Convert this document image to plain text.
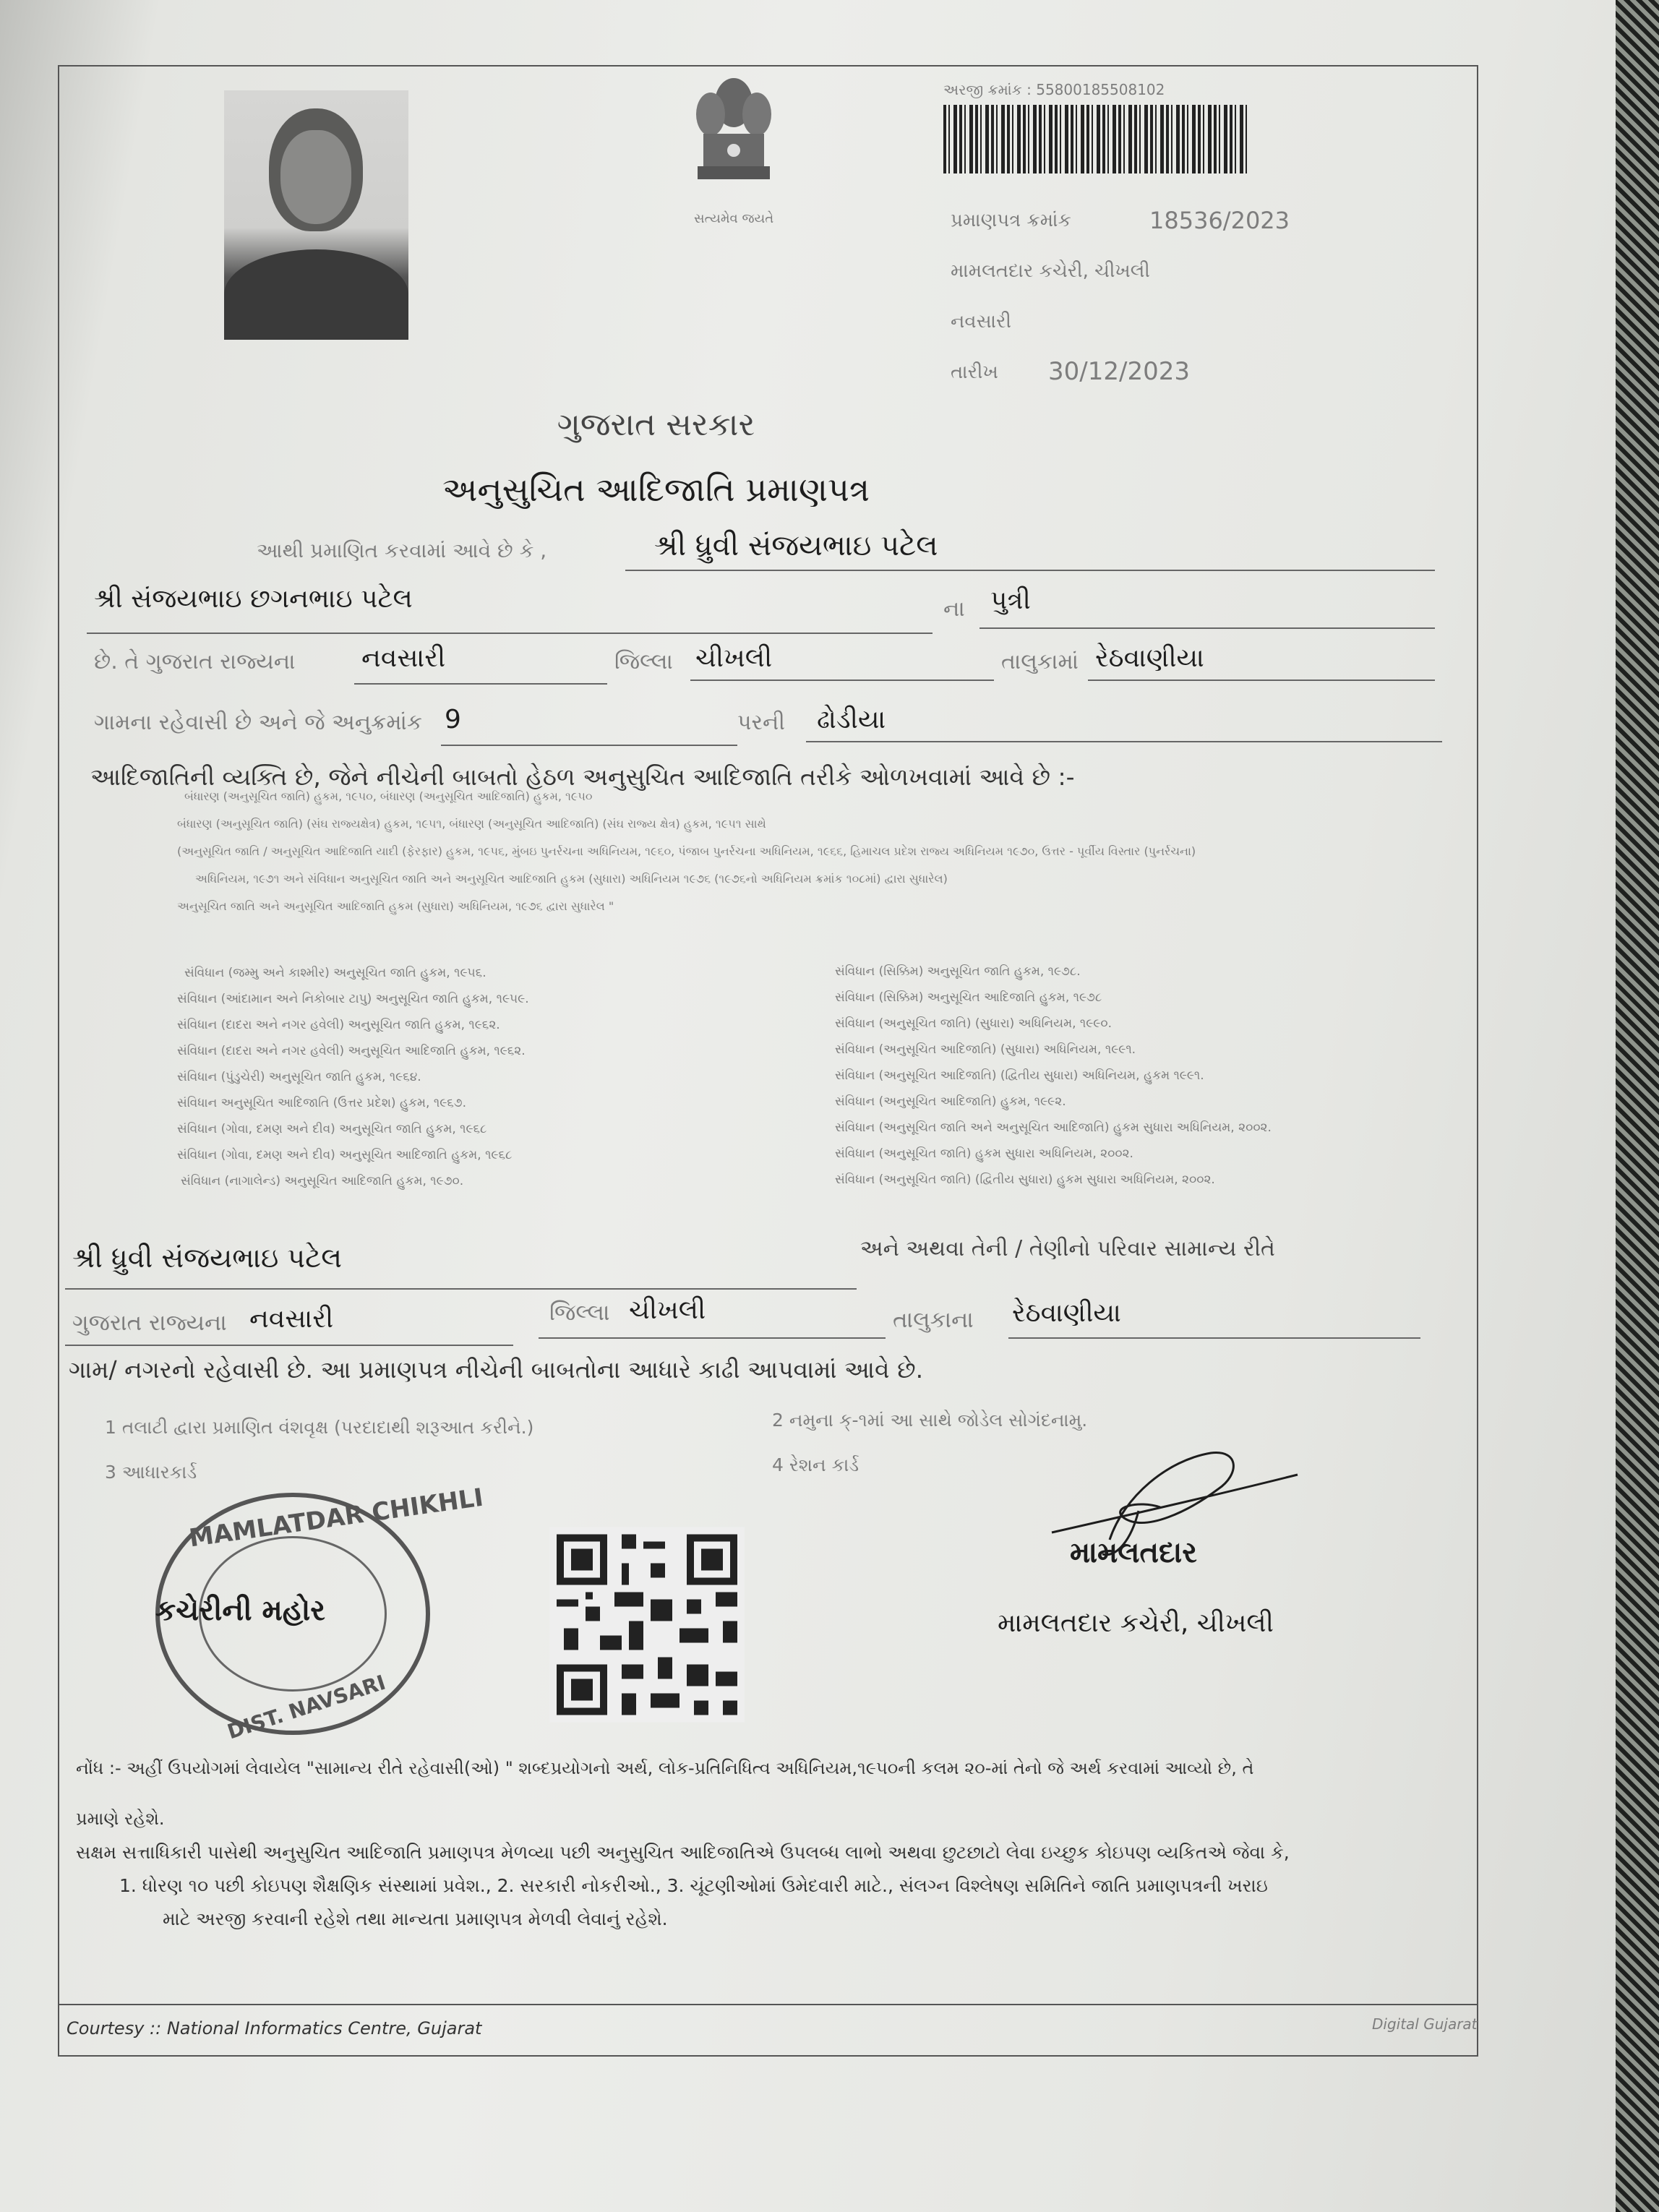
સત્યમેવ જયતે
અરજી ક્રમાંક : 55800185508102
પ્રમાણપત્ર ક્રમાંક	18536/2023
મામલતદાર કચેરી, ચીખલી
નવસારી
તારીખ 30/12/2023
ગુજરાત સરકાર
અનુસુચિત આદિજાતિ પ્રમાણપત્ર
આથી પ્રમાણિત કરવામાં આવે છે કે ,	શ્રી ધ્રુવી સંજયભાઇ પટેલ
શ્રી સંજયભાઇ છગનભાઇ પટેલ	ના પુત્રી
છે. તે ગુજરાત રાજ્યના	નવસારી	જિલ્લા ચીખલી	તાલુકામાં રેઠવાણીયા
ગામના રહેવાસી છે અને જે અનુક્રમાંક 9	પરની ઢોડીયા
આદિજાતિની વ્યક્તિ છે, જેને નીચેની બાબતો હેઠળ અનુસુચિત આદિજાતિ તરીકે ઓળખવામાં આવે છે :-
બંધારણ (અનુસૂચિત જાતિ) હુકમ, ૧૯૫૦, બંધારણ (અનુસૂચિત આદિજાતિ) હુકમ, ૧૯૫૦
બંધારણ (અનુસૂચિત જાતિ) (સંઘ રાજ્યક્ષેત્ર) હુકમ, ૧૯૫૧, બંધારણ (અનુસૂચિત આદિજાતિ) (સંઘ રાજ્ય ક્ષેત્ર) હુકમ, ૧૯૫૧ સાથે
(અનુસૂચિત જાતિ / અનુસૂચિત આદિજાતિ યાદી (ફેરફાર) હુકમ, ૧૯૫૬, મુંબઇ પુનર્રચના અધિનિયમ, ૧૯૬૦, પંજાબ પુનર્રચના અધિનિયમ, ૧૯૬૬, હિમાચલ પ્રદેશ રાજ્ય અધિનિયમ ૧૯૭૦, ઉત્તર - પૂર્વીય વિસ્તાર (પુનર્રચના)
અધિનિયમ, ૧૯૭૧ અને સંવિધાન અનુસૂચિત જાતિ અને અનુસૂચિત આદિજાતિ હુકમ (સુધારા) અધિનિયમ ૧૯૭૬ (૧૯૭૬નો અધિનિયમ ક્રમાંક ૧૦૮માં) દ્વારા સુધારેલ)
અનુસૂચિત જાતિ અને અનુસૂચિત આદિજાતિ હુકમ (સુધારા) અધિનિયમ, ૧૯૭૬ દ્વારા સુધારેલ "
સંવિધાન (જમ્મુ અને કાશ્મીર) અનુસૂચિત જાતિ હુકમ, ૧૯૫૬.
સંવિધાન (આંદામાન અને નિકોબાર ટાપુ) અનુસૂચિત જાતિ હુકમ, ૧૯૫૯.
સંવિધાન (દાદરા અને નગર હવેલી) અનુસૂચિત જાતિ હુકમ, ૧૯૬૨.
સંવિધાન (દાદરા અને નગર હવેલી) અનુસૂચિત આદિજાતિ હુકમ, ૧૯૬૨.
સંવિધાન (પુંડુચેરી) અનુસૂચિત જાતિ હુકમ, ૧૯૬૪.
સંવિધાન અનુસૂચિત આદિજાતિ (ઉત્તર પ્રદેશ) હુકમ, ૧૯૬૭.
સંવિધાન (ગોવા, દમણ અને દીવ) અનુસૂચિત જાતિ હુકમ, ૧૯૬૮
સંવિધાન (ગોવા, દમણ અને દીવ) અનુસૂચિત આદિજાતિ હુકમ, ૧૯૬૮
સંવિધાન (નાગાલેન્ડ) અનુસૂચિત આદિજાતિ હુકમ, ૧૯૭૦.
સંવિધાન (સિક્કિમ) અનુસૂચિત જાતિ હુકમ, ૧૯૭૮.
સંવિધાન (સિક્કિમ) અનુસૂચિત આદિજાતિ હુકમ, ૧૯૭૮
સંવિધાન (અનુસૂચિત જાતિ) (સુધારા) અધિનિયમ, ૧૯૯૦.
સંવિધાન (અનુસૂચિત આદિજાતિ) (સુધારા) અધિનિયમ, ૧૯૯૧.
સંવિધાન (અનુસૂચિત આદિજાતિ) (દ્વિતીય સુધારા) અધિનિયમ, હુકમ ૧૯૯૧.
સંવિધાન (અનુસૂચિત આદિજાતિ) હુકમ, ૧૯૯૨.
સંવિધાન (અનુસૂચિત જાતિ અને અનુસૂચિત આદિજાતિ) હુકમ સુધારા અધિનિયમ, ૨૦૦૨.
સંવિધાન (અનુસૂચિત જાતિ) હુકમ સુધારા અધિનિયમ, ૨૦૦૨.
સંવિધાન (અનુસૂચિત જાતિ) (દ્વિતીય સુધારા) હુકમ સુધારા અધિનિયમ, ૨૦૦૨.
શ્રી ધ્રુવી સંજયભાઇ પટેલ	અને અથવા તેની / તેણીનો પરિવાર સામાન્ય રીતે
ગુજરાત રાજ્યના નવસારી	જિલ્લા ચીખલી	તાલુકાના રેઠવાણીયા
ગામ/ નગરનો રહેવાસી છે. આ પ્રમાણપત્ર નીચેની બાબતોના આધારે કાઢી આપવામાં આવે છે.
1 તલાટી દ્વારા પ્રમાણિત વંશવૃક્ષ (પરદાદાથી શરૂઆત કરીને.)	2 નમુના ક્-૧માં આ સાથે જોડેલ સોગંદનામુ.
3 આધારકાર્ડ	4 રેશન કાર્ડ
MAMLATDAR CHIKHLI
કચેરીની મહોર
DIST. NAVSARI
મામલતદાર
મામલતદાર કચેરી, ચીખલી
નોંધ :- અહીં ઉપયોગમાં લેવાયેલ "સામાન્ય રીતે રહેવાસી(ઓ) " શબ્દપ્રયોગનો અર્થ, લોક-પ્રતિનિધિત્વ અધિનિયમ,૧૯૫૦ની કલમ ૨૦-માં તેનો જે અર્થ કરવામાં આવ્યો છે, તે
પ્રમાણે રહેશે.
સક્ષમ સત્તાધિકારી પાસેથી અનુસુચિત આદિજાતિ પ્રમાણપત્ર મેળવ્યા પછી અનુસુચિત આદિજાતિએ ઉપલબ્ધ લાભો અથવા છુટછાટો લેવા ઇચ્છુક કોઇપણ વ્યકિતએ જેવા કે,
1. ધોરણ ૧૦ પછી કોઇપણ શૈક્ષણિક સંસ્થામાં પ્રવેશ., 2. સરકારી નોકરીઓ., 3. ચૂંટણીઓમાં ઉમેદવારી માટે., સંલગ્ન વિશ્લેષણ સમિતિને જાતિ પ્રમાણપત્રની ખરાઇ
માટે અરજી કરવાની રહેશે તથા માન્યતા પ્રમાણપત્ર મેળવી લેવાનું રહેશે.
Courtesy :: National Informatics Centre, Gujarat	Digital Gujarat
